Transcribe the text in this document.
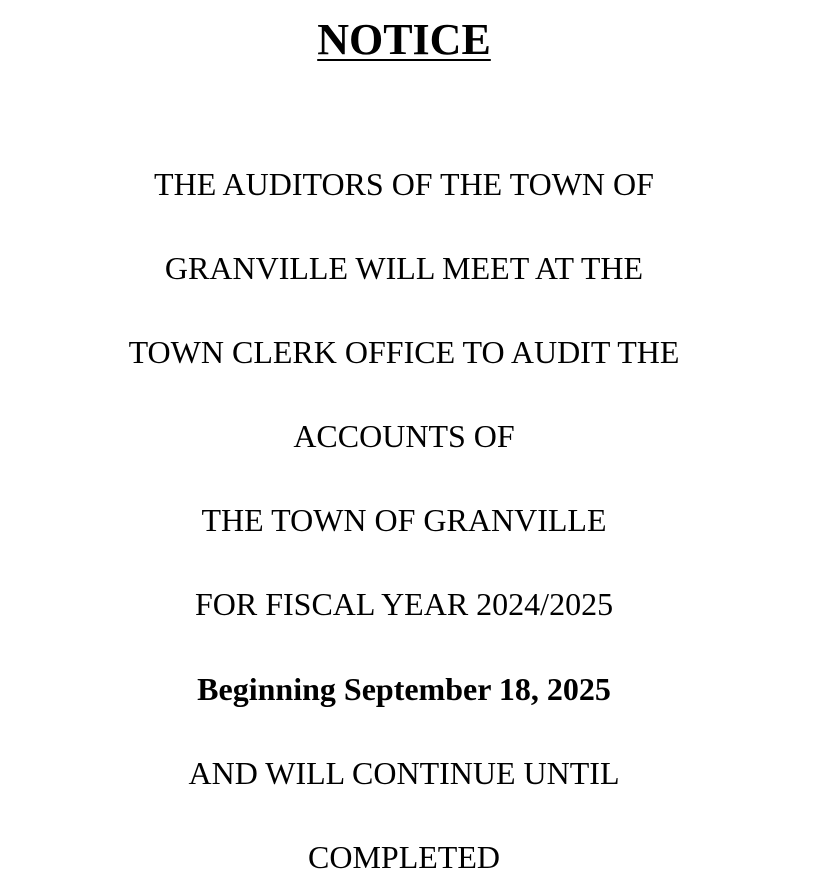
NOTICE

THE AUDITORS OF THE TOWN OF

GRANVILLE WILL MEET AT THE

TOWN CLERK OFFICE TO AUDIT THE

ACCOUNTS OF

THE TOWN OF GRANVILLE

FOR FISCAL YEAR 2024/2025

Beginning September 18, 2025

AND WILL CONTINUE UNTIL

COMPLETED
